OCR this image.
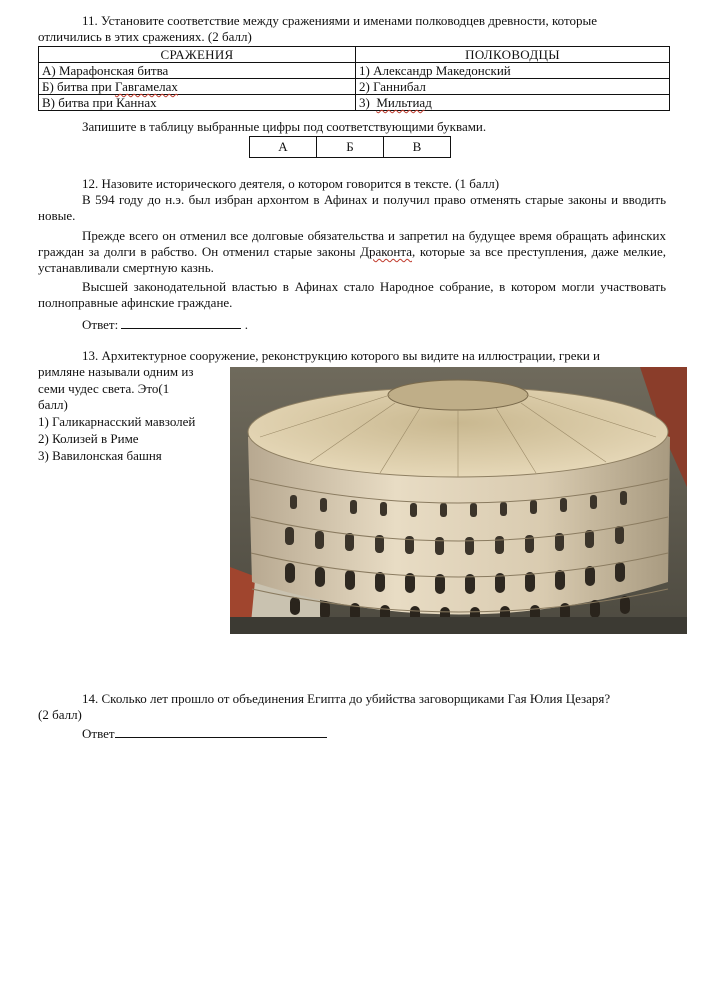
11. Установите соответствие между сражениями и именами полководцев древности, которые
отличились в этих сражениях. (2 балл)
СРАЖЕНИЯ	ПОЛКОВОДЦЫ
А) Марафонская битва	1) Александр Македонский
Б) битва при Гавгамелах	2) Ганнибал
В) битва при Каннах	3)  Мильтиад
Запишите в таблицу выбранные цифры под соответствующими буквами.
А	Б	В
12. Назовите исторического деятеля, о котором говорится в тексте. (1 балл)
В 594 году до н.э. был избран архонтом в Афинах и получил право отменять старые законы и вводить новые.
Прежде всего он отменил все долговые обязательства и запретил на будущее время обращать афинских граждан за долги в рабство. Он отменил старые законы Драконта, которые за все преступления, даже мелкие, устанавливали смертную казнь.
Высшей законодательной властью в Афинах стало Народное собрание, в котором могли участвовать полноправные афинские граждане.
Ответ:	.
13. Архитектурное сооружение, реконструкцию которого вы видите на иллюстрации, греки и
римляне называли одним из
семи чудес света. Это(1
балл)
1) Галикарнасский мавзолей
2) Колизей в Риме
3) Вавилонская башня
14. Сколько лет прошло от объединения Египта до убийства заговорщиками Гая Юлия Цезаря?
(2 балл)
Ответ
